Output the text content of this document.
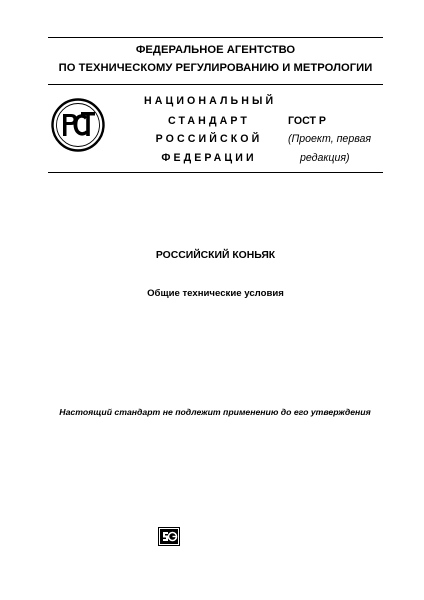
ФЕДЕРАЛЬНОЕ АГЕНТСТВО
ПО ТЕХНИЧЕСКОМУ РЕГУЛИРОВАНИЮ И МЕТРОЛОГИИ
НАЦИОНАЛЬНЫЙ
СТАНДАРТ
РОССИЙСКОЙ
ФЕДЕРАЦИИ
ГОСТ Р
(Проект, первая
редакция)
РОССИЙСКИЙ КОНЬЯК
Общие технические условия
Настоящий стандарт не подлежит применению до его утверждения
